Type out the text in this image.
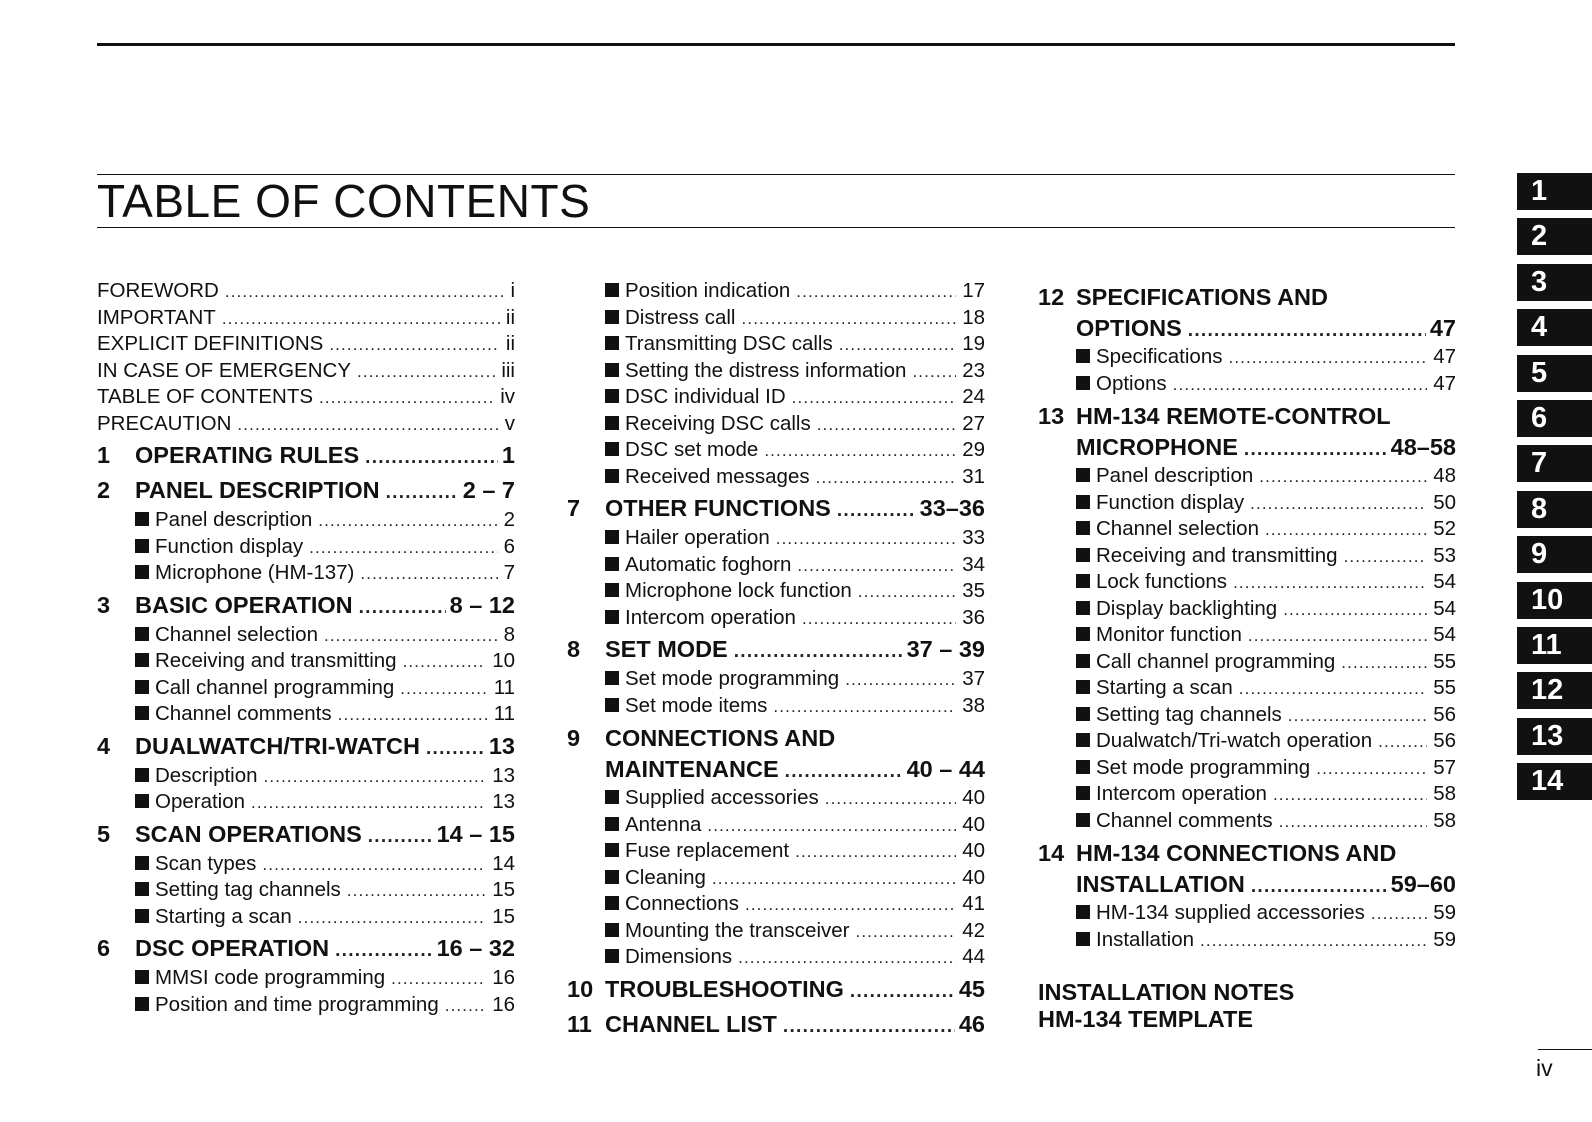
TABLE OF CONTENTS
FOREWORD . . .	i
IMPORTANT . . .	ii
EXPLICIT DEFINITIONS . . .	ii
IN CASE OF EMERGENCY . . .	iii
TABLE OF CONTENTS . . .	iv
PRECAUTION . . .	v
1	OPERATING RULES . . .	1
2	PANEL DESCRIPTION . . .	2 – 7
Panel description . . .	2
Function display . . .	6
Microphone (HM-137) . . .	7
3	BASIC OPERATION . . .	8 – 12
Channel selection . . .	8
Receiving and transmitting . . .	10
Call channel programming . . .	11
Channel comments . . .	11
4	DUALWATCH/TRI-WATCH . . .	13
Description . . .	13
Operation . . .	13
5	SCAN OPERATIONS . . .	14 – 15
Scan types . . .	14
Setting tag channels . . .	15
Starting a scan . . .	15
6	DSC OPERATION . . .	16 – 32
MMSI code programming . . .	16
Position and time programming . . .	16
Position indication . . .	17
Distress call . . .	18
Transmitting DSC calls . . .	19
Setting the distress information . . .	23
DSC individual ID . . .	24
Receiving DSC calls . . .	27
DSC set mode . . .	29
Received messages . . .	31
7	OTHER FUNCTIONS . . .	33–36
Hailer operation . . .	33
Automatic foghorn . . .	34
Microphone lock function . . .	35
Intercom operation . . .	36
8	SET MODE . . .	37 – 39
Set mode programming . . .	37
Set mode items . . .	38
9 CONNECTIONS AND
MAINTENANCE . . .	40 – 44
Supplied accessories . . .	40
Antenna . . .	40
Fuse replacement . . .	40
Cleaning . . .	40
Connections . . .	41
Mounting the transceiver . . .	42
Dimensions . . .	44
10 TROUBLESHOOTING . . .	45
11 CHANNEL LIST . . .	46
12 SPECIFICATIONS AND
OPTIONS . . .	47
Specifications . . .	47
Options . . .	47
13 HM-134 REMOTE-CONTROL
MICROPHONE . . .	48–58
Panel description . . .	48
Function display . . .	50
Channel selection . . .	52
Receiving and transmitting . . .	53
Lock functions . . .	54
Display backlighting . . .	54
Monitor function . . .	54
Call channel programming . . .	55
Starting a scan . . .	55
Setting tag channels . . .	56
Dualwatch/Tri-watch operation . . .	56
Set mode programming . . .	57
Intercom operation . . .	58
Channel comments . . .	58
14 HM-134 CONNECTIONS AND
INSTALLATION . . .	59–60
HM-134 supplied accessories . . .	59
Installation . . .	59
INSTALLATION NOTES
HM-134 TEMPLATE
1
2
3
4
5
6
7
8
9
10
11
12
13
14
iv
